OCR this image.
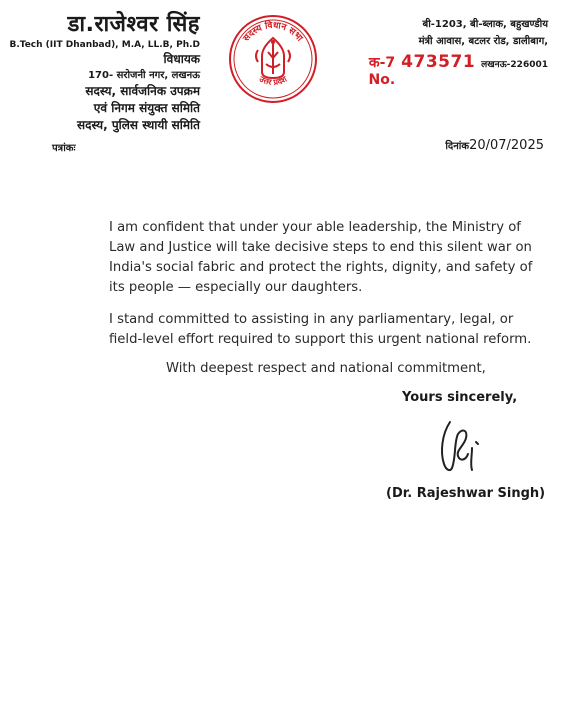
डा.राजेश्वर सिंह
B.Tech (IIT Dhanbad), M.A, LL.B, Ph.D
विधायक
170- सरोजनी नगर, लखनऊ
सदस्य, सार्वजनिक उपक्रम
एवं निगम संयुक्त समिति
सदस्य, पुलिस स्थायी समिति
सदस्य विधान सभा
उत्तर प्रदेश
बी-1203, बी-ब्लाक, बहुखण्डीय
मंत्री आवास, बटलर रोड, डालीबाग,
क-7 No.
473571 लखनऊ-226001
पत्रांकः	दिनांक20/07/2025
I am confident that under your able leadership, the Ministry of Law and Justice will take decisive steps to end this silent war on India's social fabric and protect the rights, dignity, and safety of its people — especially our daughters.
I stand committed to assisting in any parliamentary, legal, or field-level effort required to support this urgent national reform.
With deepest respect and national commitment,
Yours sincerely,
(Dr. Rajeshwar Singh)
